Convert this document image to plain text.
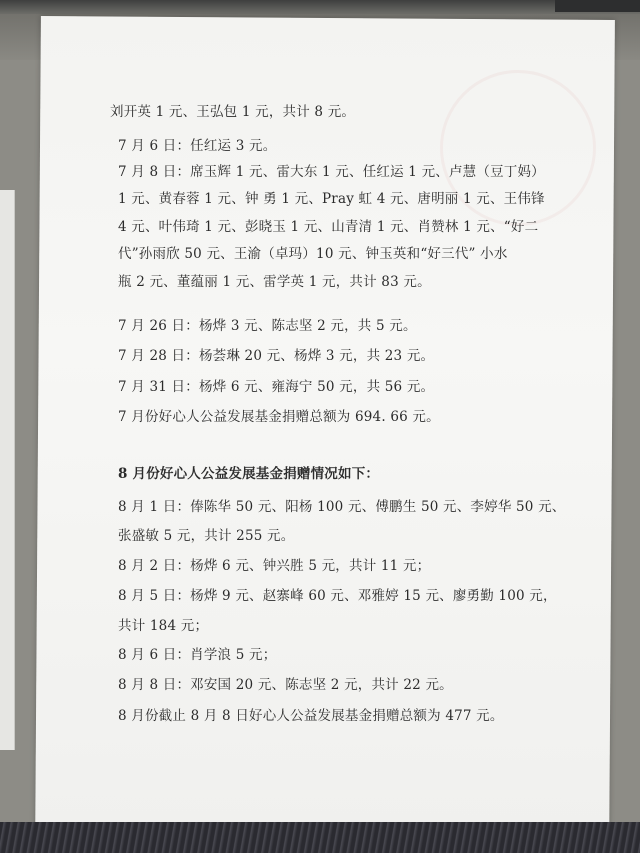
刘开英 1 元、王弘包 1 元，共计 8 元。
7 月 6 日：任红运 3 元。
7 月 8 日：席玉辉 1 元、雷大东 1 元、任红运 1 元、卢慧（豆丁妈）
1 元、黄春蓉 1 元、钟 勇 1 元、Pray 虹 4 元、唐明丽 1 元、王伟锋
4 元、叶伟琦 1 元、彭晓玉 1 元、山青清 1 元、肖赞林 1 元、“好二
代”孙雨欣 50 元、王渝（卓玛）10 元、钟玉英和“好三代” 小水
瓶 2 元、董蕴丽 1 元、雷学英 1 元，共计 83 元。
7 月 26 日：杨烨 3 元、陈志坚 2 元，共 5 元。
7 月 28 日：杨荟琳 20 元、杨烨 3 元，共 23 元。
7 月 31 日：杨烨 6 元、雍海宁 50 元，共 56 元。
7 月份好心人公益发展基金捐赠总额为 694. 66 元。
8 月份好心人公益发展基金捐赠情况如下：
8 月 1 日：俸陈华 50 元、阳杨 100 元、傅鹏生 50 元、李婷华 50 元、
张盛敏 5 元，共计 255 元。
8 月 2 日：杨烨 6 元、钟兴胜 5 元，共计 11 元；
8 月 5 日：杨烨 9 元、赵寨峰 60 元、邓雅婷 15 元、廖勇勤 100 元，
共计 184 元；
8 月 6 日：肖学浪 5 元；
8 月 8 日：邓安国 20 元、陈志坚 2 元，共计 22 元。
8 月份截止 8 月 8 日好心人公益发展基金捐赠总额为 477 元。
